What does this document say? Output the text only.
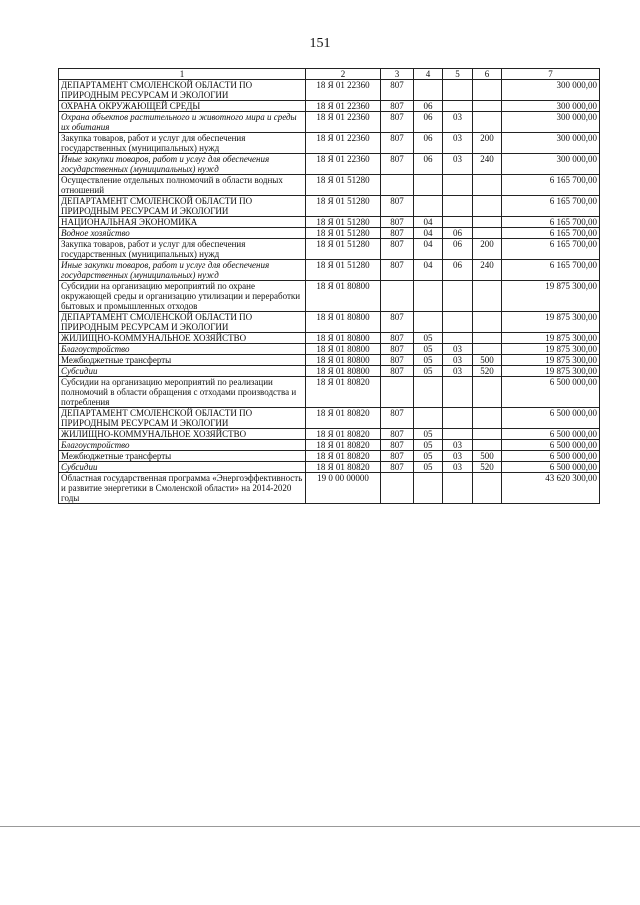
151
1	2	3	4	5	6	7
ДЕПАРТАМЕНТ СМОЛЕНСКОЙ ОБЛАСТИ ПО ПРИРОДНЫМ РЕСУРСАМ И ЭКОЛОГИИ	18 Я 01 22360	807				300 000,00
ОХРАНА ОКРУЖАЮЩЕЙ СРЕДЫ	18 Я 01 22360	807	06			300 000,00
Охрана объектов растительного и животного мира и среды их обитания	18 Я 01 22360	807	06	03		300 000,00
Закупка товаров, работ и услуг для обеспечения государственных (муниципальных) нужд	18 Я 01 22360	807	06	03	200	300 000,00
Иные закупки товаров, работ и услуг для обеспечения государственных (муниципальных) нужд	18 Я 01 22360	807	06	03	240	300 000,00
Осуществление отдельных полномочий в области водных отношений	18 Я 01 51280					6 165 700,00
ДЕПАРТАМЕНТ СМОЛЕНСКОЙ ОБЛАСТИ ПО ПРИРОДНЫМ РЕСУРСАМ И ЭКОЛОГИИ	18 Я 01 51280	807				6 165 700,00
НАЦИОНАЛЬНАЯ ЭКОНОМИКА	18 Я 01 51280	807	04			6 165 700,00
Водное хозяйство	18 Я 01 51280	807	04	06		6 165 700,00
Закупка товаров, работ и услуг для обеспечения государственных (муниципальных) нужд	18 Я 01 51280	807	04	06	200	6 165 700,00
Иные закупки товаров, работ и услуг для обеспечения государственных (муниципальных) нужд	18 Я 01 51280	807	04	06	240	6 165 700,00
Субсидии на организацию мероприятий по охране окружающей среды и организацию утилизации и переработки бытовых и промышленных отходов	18 Я 01 80800					19 875 300,00
ДЕПАРТАМЕНТ СМОЛЕНСКОЙ ОБЛАСТИ ПО ПРИРОДНЫМ РЕСУРСАМ И ЭКОЛОГИИ	18 Я 01 80800	807				19 875 300,00
ЖИЛИЩНО-КОММУНАЛЬНОЕ ХОЗЯЙСТВО	18 Я 01 80800	807	05			19 875 300,00
Благоустройство	18 Я 01 80800	807	05	03		19 875 300,00
Межбюджетные трансферты	18 Я 01 80800	807	05	03	500	19 875 300,00
Субсидии	18 Я 01 80800	807	05	03	520	19 875 300,00
Субсидии на организацию мероприятий по реализации полномочий в области обращения с отходами производства и потребления	18 Я 01 80820					6 500 000,00
ДЕПАРТАМЕНТ СМОЛЕНСКОЙ ОБЛАСТИ ПО ПРИРОДНЫМ РЕСУРСАМ И ЭКОЛОГИИ	18 Я 01 80820	807				6 500 000,00
ЖИЛИЩНО-КОММУНАЛЬНОЕ ХОЗЯЙСТВО	18 Я 01 80820	807	05			6 500 000,00
Благоустройство	18 Я 01 80820	807	05	03		6 500 000,00
Межбюджетные трансферты	18 Я 01 80820	807	05	03	500	6 500 000,00
Субсидии	18 Я 01 80820	807	05	03	520	6 500 000,00
Областная государственная программа «Энергоэффективность и развитие энергетики в Смоленской области» на 2014-2020 годы	19 0 00 00000					43 620 300,00
